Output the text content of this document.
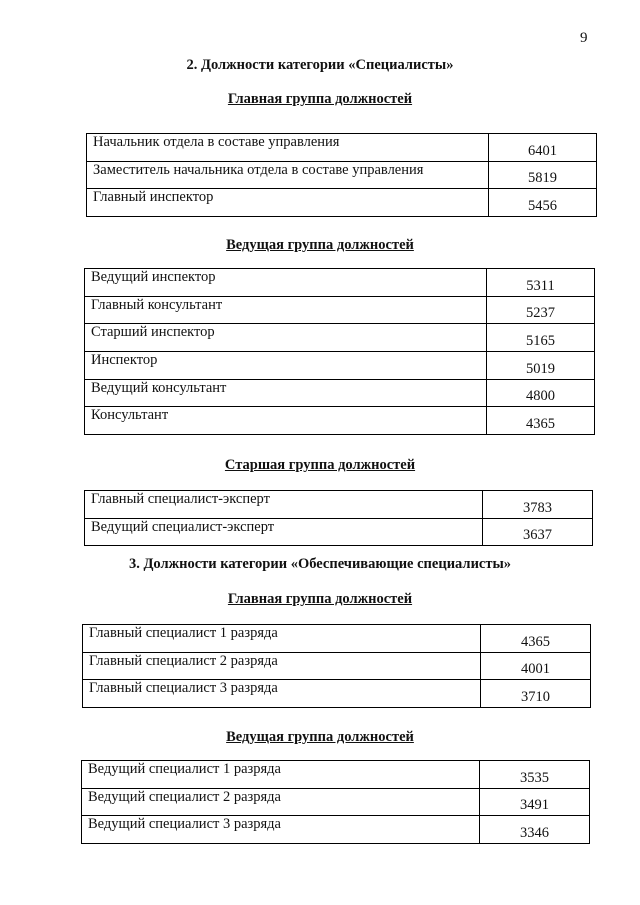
9
2. Должности категории «Специалисты»
Главная группа должностей
Начальник отдела в составе управления	6401
Заместитель начальника отдела в составе управления	5819
Главный инспектор	5456
Ведущая группа должностей
Ведущий инспектор	5311
Главный консультант	5237
Старший инспектор	5165
Инспектор	5019
Ведущий консультант	4800
Консультант	4365
Старшая группа должностей
Главный специалист-эксперт	3783
Ведущий специалист-эксперт	3637
3. Должности категории «Обеспечивающие специалисты»
Главная группа должностей
Главный специалист 1 разряда	4365
Главный специалист 2 разряда	4001
Главный специалист 3 разряда	3710
Ведущая группа должностей
Ведущий специалист 1 разряда	3535
Ведущий специалист 2 разряда	3491
Ведущий специалист 3 разряда	3346
